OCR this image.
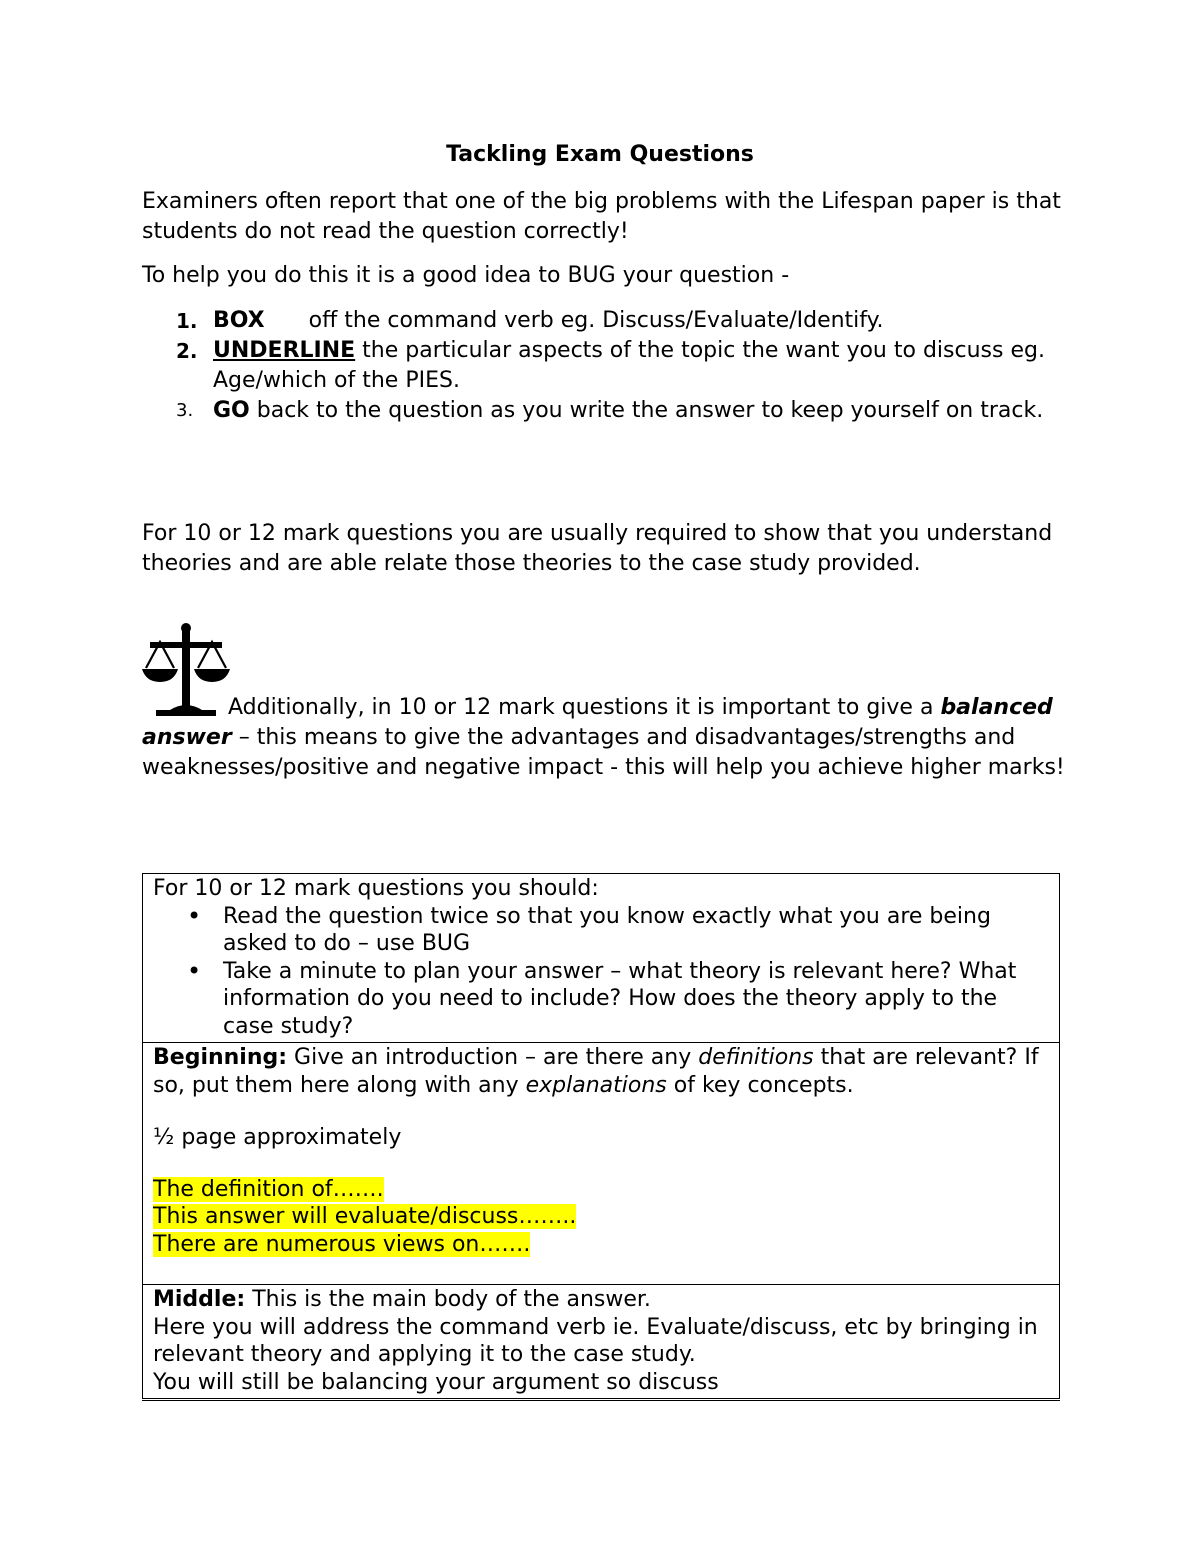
Tackling Exam Questions

Examiners often report that one of the big problems with the Lifespan paper is that students do not read the question correctly!

To help you do this it is a good idea to BUG your question -

1. BOX off the command verb eg. Discuss/Evaluate/Identify.
2. UNDERLINE the particular aspects of the topic the want you to discuss eg. Age/which of the PIES.
3. GO back to the question as you write the answer to keep yourself on track.

For 10 or 12 mark questions you are usually required to show that you understand theories and are able relate those theories to the case study provided.

Additionally, in 10 or 12 mark questions it is important to give a balanced answer – this means to give the advantages and disadvantages/strengths and weaknesses/positive and negative impact - this will help you achieve higher marks!

For 10 or 12 mark questions you should:
• Read the question twice so that you know exactly what you are being asked to do – use BUG
• Take a minute to plan your answer – what theory is relevant here? What information do you need to include? How does the theory apply to the case study?

Beginning: Give an introduction – are there any definitions that are relevant? If so, put them here along with any explanations of key concepts.
½ page approximately
The definition of…….
This answer will evaluate/discuss……..
There are numerous views on…….

Middle: This is the main body of the answer.
Here you will address the command verb ie. Evaluate/discuss, etc by bringing in relevant theory and applying it to the case study.
You will still be balancing your argument so discuss
